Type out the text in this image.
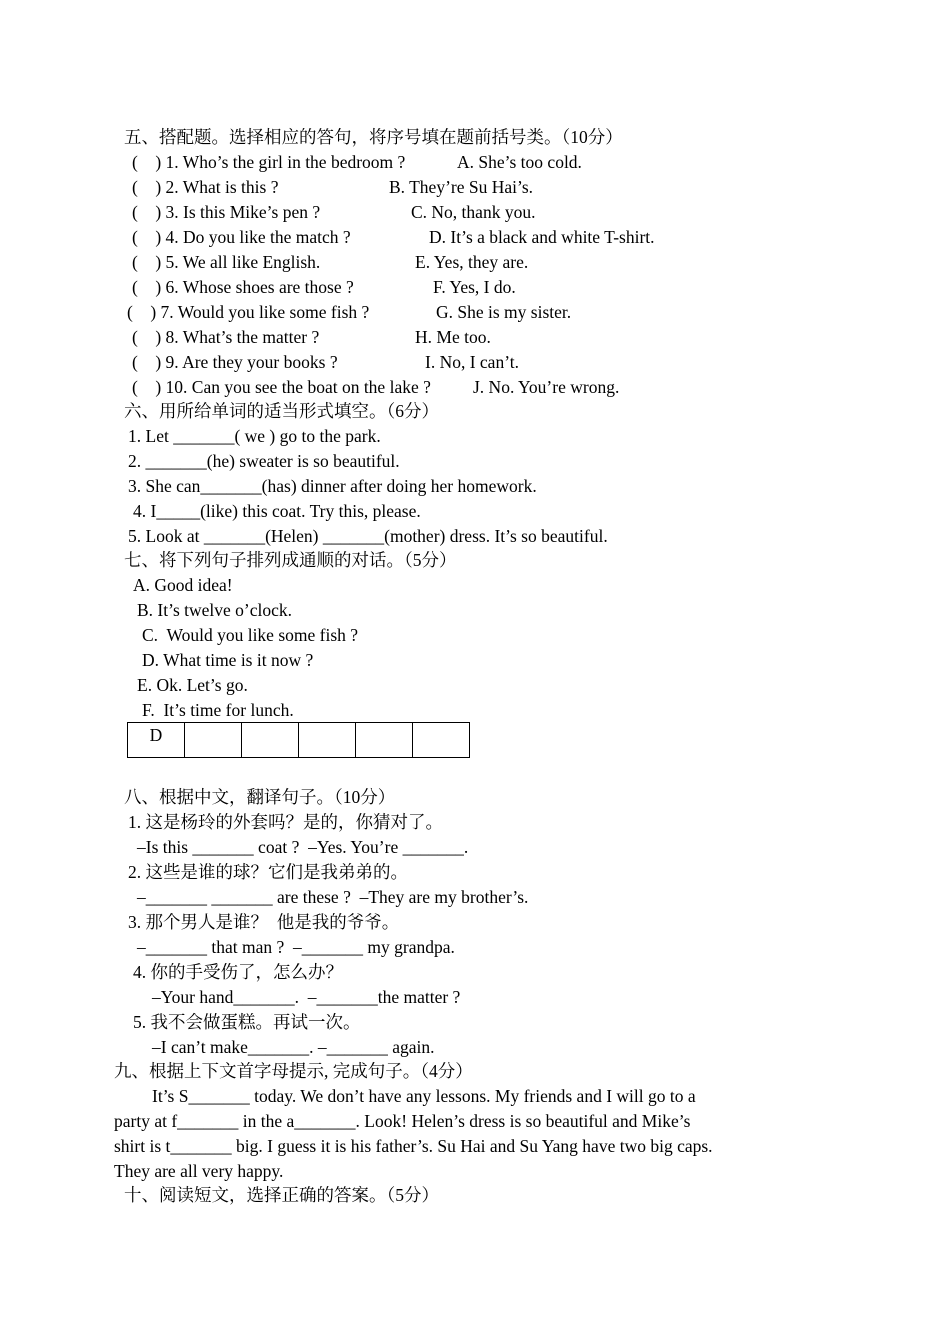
五、搭配题。选择相应的答句，将序号填在题前括号类。（10分）
(    ) 1. Who’s the girl in the bedroom ?	A. She’s too cold.
(    ) 2. What is this ?	B. They’re Su Hai’s.
(    ) 3. Is this Mike’s pen ?	C. No, thank you.
(    ) 4. Do you like the match ?	D. It’s a black and white T-shirt.
(    ) 5. We all like English.	E. Yes, they are.
(    ) 6. Whose shoes are those ?	F. Yes, I do.
(    ) 7. Would you like some fish ?	G. She is my sister.
(    ) 8. What’s the matter ?	H. Me too.
(    ) 9. Are they your books ?	I. No, I can’t.
(    ) 10. Can you see the boat on the lake ? J. No. You’re wrong.
六、用所给单词的适当形式填空。（6分）
1. Let _______( we ) go to the park.
2. _______(he) sweater is so beautiful.
3. She can_______(has) dinner after doing her homework.
4. I_____(like) this coat. Try this, please.
5. Look at _______(Helen) _______(mother) dress. It’s so beautiful.
七、将下列句子排列成通顺的对话。（5分）
A. Good idea!
B. It’s twelve o’clock.
C.  Would you like some fish ?
D. What time is it now ?
E. Ok. Let’s go.
F.  It’s time for lunch.
D					
八、根据中文，翻译句子。（10分）
1. 这是杨玲的外套吗？是的，你猜对了。
–Is this _______ coat ?  –Yes. You’re _______.
2. 这些是谁的球？它们是我弟弟的。
–_______ _______ are these ?  –They are my brother’s.
3. 那个男人是谁？  他是我的爷爷。
–_______ that man ?  –_______ my grandpa.
4. 你的手受伤了，怎么办？
–Your hand_______.  –_______the matter ?
5. 我不会做蛋糕。再试一次。
–I can’t make_______. –_______ again.
九、根据上下文首字母提示, 完成句子。（4分）
It’s S_______ today. We don’t have any lessons. My friends and I will go to a
party at f_______ in the a_______. Look! Helen’s dress is so beautiful and Mike’s
shirt is t_______ big. I guess it is his father’s. Su Hai and Su Yang have two big caps.
They are all very happy.
十、阅读短文，选择正确的答案。（5分）
